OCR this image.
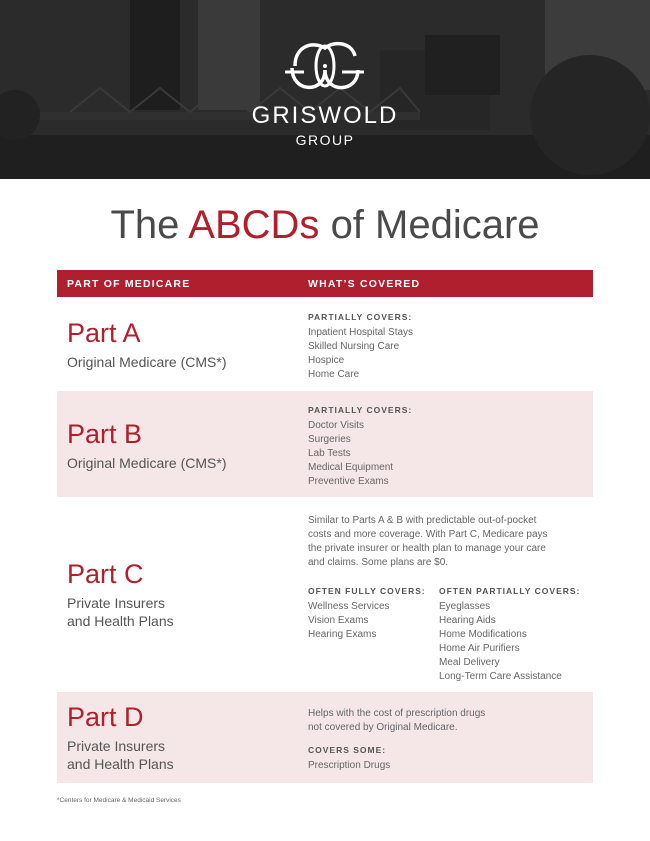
GRISWOLD
GROUP
The ABCDs of Medicare
PART OF MEDICARE	WHAT’S COVERED
Part A
Original Medicare (CMS*)
PARTIALLY COVERS:
Inpatient Hospital Stays
Skilled Nursing Care
Hospice
Home Care
Part B
Original Medicare (CMS*)
PARTIALLY COVERS:
Doctor Visits
Surgeries
Lab Tests
Medical Equipment
Preventive Exams
Part C
Private Insurers
and Health Plans
Similar to Parts A & B with predictable out-of-pocket
costs and more coverage. With Part C, Medicare pays
the private insurer or health plan to manage your care
and claims. Some plans are $0.
OFTEN FULLY COVERS:
Wellness Services
Vision Exams
Hearing Exams
OFTEN PARTIALLY COVERS:
Eyeglasses
Hearing Aids
Home Modifications
Home Air Purifiers
Meal Delivery
Long-Term Care Assistance
Part D
Private Insurers
and Health Plans
Helps with the cost of prescription drugs
not covered by Original Medicare.
COVERS SOME:
Prescription Drugs
*Centers for Medicare & Medicaid Services
